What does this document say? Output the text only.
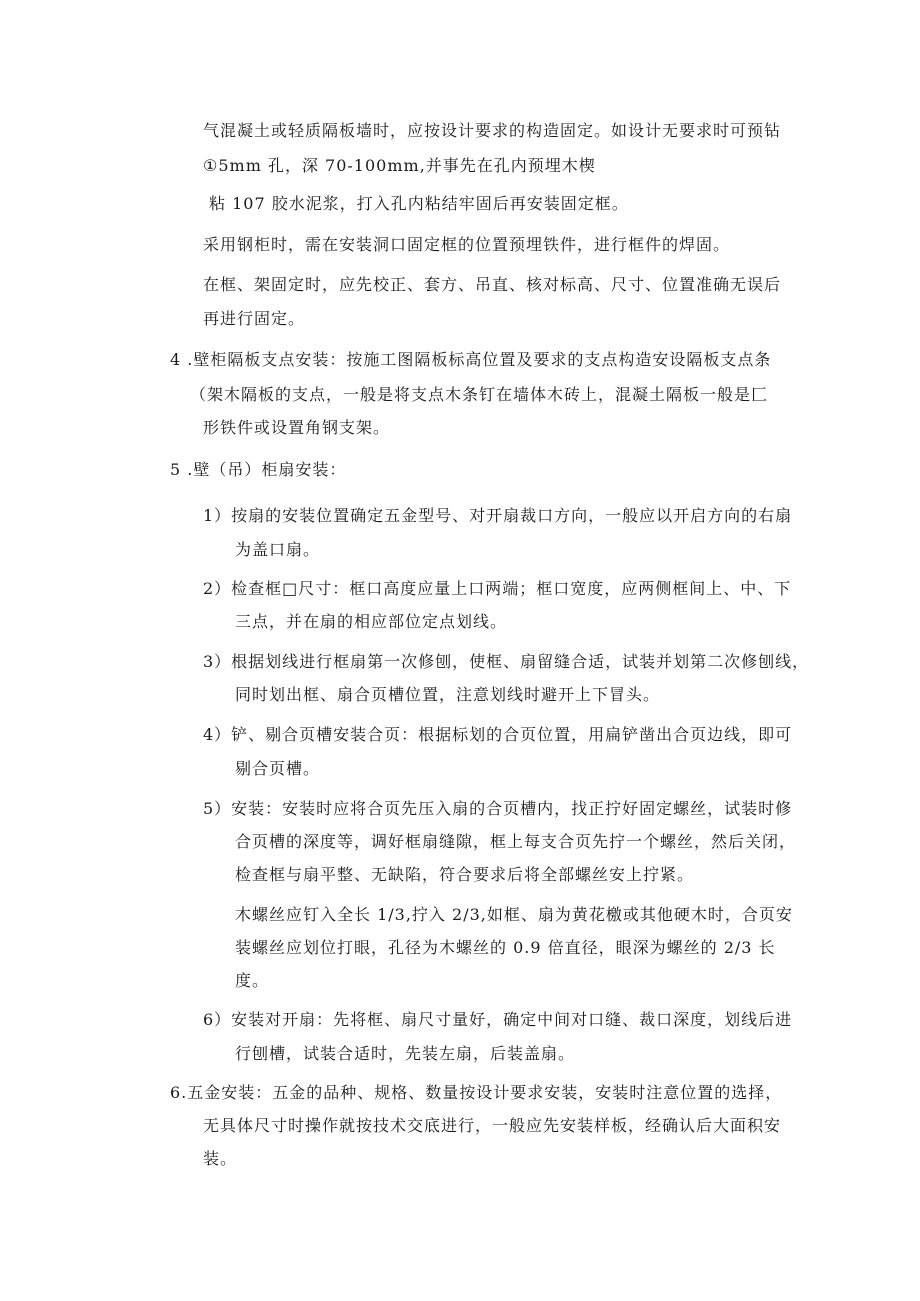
气混凝土或轻质隔板墙时，应按设计要求的构造固定。如设计无要求时可预钻
①5mm 孔，深 70-100mm,并事先在孔内预埋木楔
粘 107 胶水泥浆，打入孔内粘结牢固后再安装固定框。
采用钢柜时，需在安装洞口固定框的位置预埋铁件，进行框件的焊固。
在框、架固定时，应先校正、套方、吊直、核对标高、尺寸、位置准确无误后
再进行固定。
4 .壁柜隔板支点安装：按施工图隔板标高位置及要求的支点构造安设隔板支点条
（架木隔板的支点，一般是将支点木条钉在墙体木砖上，混凝土隔板一般是匚
形铁件或设置角钢支架。
5 .壁（吊）柜扇安装：
1）按扇的安装位置确定五金型号、对开扇裁口方向，一般应以开启方向的右扇
为盖口扇。
2）检查框□尺寸：框口高度应量上口两端；框口宽度，应两侧框间上、中、下
三点，并在扇的相应部位定点划线。
3）根据划线进行框扇第一次修刨，使框、扇留缝合适，试装并划第二次修刨线，
同时划出框、扇合页槽位置，注意划线时避开上下冒头。
4）铲、剔合页槽安装合页：根据标划的合页位置，用扁铲凿出合页边线，即可
剔合页槽。
5）安装：安装时应将合页先压入扇的合页槽内，找正拧好固定螺丝，试装时修
合页槽的深度等，调好框扇缝隙，框上每支合页先拧一个螺丝，然后关闭，
检查框与扇平整、无缺陷，符合要求后将全部螺丝安上拧紧。
木螺丝应钉入全长 1/3,拧入 2/3,如框、扇为黄花檄或其他硬木时，合页安
装螺丝应划位打眼，孔径为木螺丝的 0.9 倍直径，眼深为螺丝的 2/3 长
度。
6）安装对开扇：先将框、扇尺寸量好，确定中间对口缝、裁口深度，划线后进
行刨槽，试装合适时，先装左扇，后装盖扇。
6.五金安装：五金的品种、规格、数量按设计要求安装，安装时注意位置的选择，
无具体尺寸时操作就按技术交底进行，一般应先安装样板，经确认后大面积安
装。
